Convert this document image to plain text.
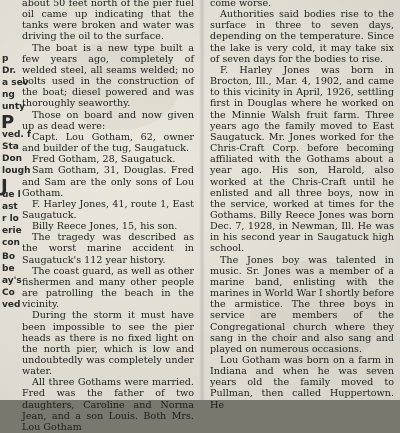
p
Dr.
a sev
ng
unty
P
ved. f
Sta
Don
lough
J
ue l
ast
r lo
erie
con
Bo
be
ay's
Co
ved

about 50 feet north of the pier fuel oil came up indicating that the tanks were broken and water was driving the oil to the surface.

The boat is a new type built a few years ago, completely of welded steel, all seams welded; no bolts used in the construction of the boat; diesel powered and was thoroughly seaworthy.

Those on board and now given up as dead were:

Capt. Lou Gotham, 62, owner and builder of the tug, Saugatuck.

Fred Gotham, 28, Saugatuck.

Sam Gotham, 31, Douglas. Fred and Sam are the only sons of Lou Gotham.

F. Harley Jones, 41, route 1, East Saugatuck.

Billy Reece Jones, 15, his son.

The tragedy was described as the worst marine accident in Saugatuck's 112 year history.

The coast guard, as well as other fishermen and many other people are patrolling the beach in the vicinity.

During the storm it must have been impossible to see the pier heads as there is no fixed light on the north pier, which is low and undoubtedly was completely under water.

All three Gothams were married. Fred was the father of two daughters, Caroline and Norma Jean, and a son Louis. Both Mrs. Lou Gotham

come worse.

Authorities said bodies rise to the surface in three to seven days, depending on the temperature. Since the lake is very cold, it may take six of seven days for the bodies to rise.

F. Harley Jones was born in Brocton, Ill., Mar. 4, 1902, and came to this vicinity in April, 1926, settling first in Douglas where he worked on the Minnie Walsh fruit farm. Three years ago the family moved to East Saugatuck. Mr. Jones worked for the Chris-Craft Corp. before becoming affiliated with the Gothams about a year ago. His son, Harold, also worked at the Chris-Craft until he enlisted and all three boys, now in the service, worked at times for the Gothams. Billy Reece Jones was born Dec. 7, 1928, in Newman, Ill. He was in his second year in Saugatuck high school.

The Jones boy was talented in music. Sr. Jones was a member of a marine band, enlisting with the marines in World War I shortly before the armistice. The three boys in service are members of the Congregational church where they sang in the choir and also sang and played on numerous occasions.

Lou Gotham was born on a farm in Indiana and when he was seven years old the family moved to Pullman, then called Huppertown. He
